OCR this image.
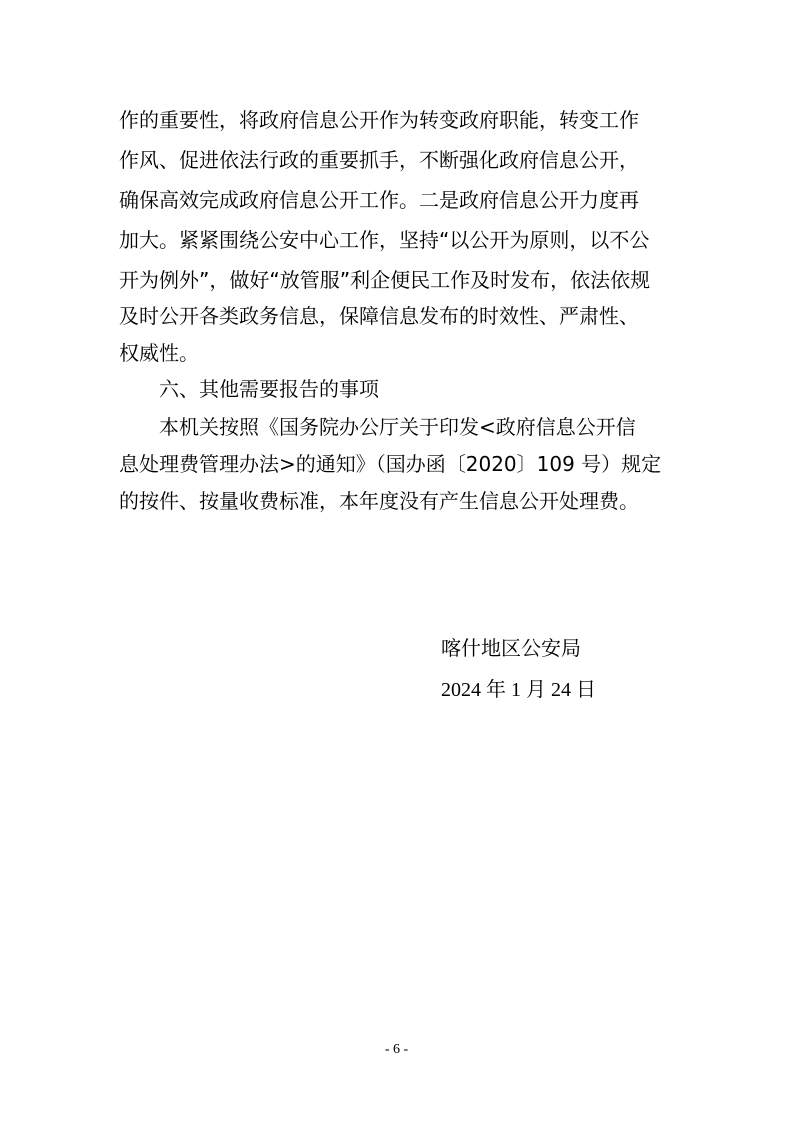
作的重要性，将政府信息公开作为转变政府职能，转变工作

作风、促进依法行政的重要抓手，不断强化政府信息公开，

确保高效完成政府信息公开工作。二是政府信息公开力度再

加大。紧紧围绕公安中心工作，坚持“以公开为原则，以不公

开为例外”，做好“放管服”利企便民工作及时发布，依法依规

及时公开各类政务信息，保障信息发布的时效性、严肃性、

权威性。

六、其他需要报告的事项

本机关按照《国务院办公厅关于印发<政府信息公开信

息处理费管理办法>的通知》（国办函〔2020〕109 号）规定

的按件、按量收费标准，本年度没有产生信息公开处理费。

喀什地区公安局

2024 年 1 月 24 日

- 6 -
